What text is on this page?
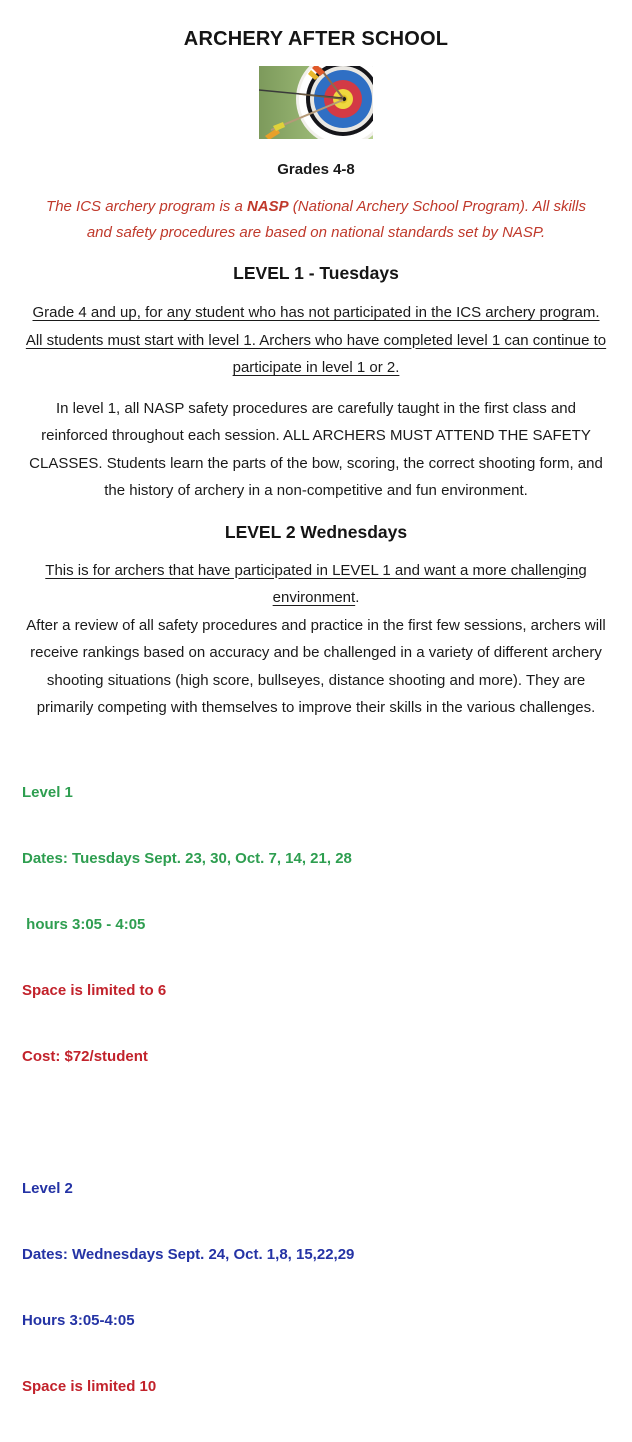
ARCHERY AFTER SCHOOL
Grades 4-8
The ICS archery program is a NASP (National Archery School Program). All skills and safety procedures are based on national standards set by NASP.
LEVEL 1 - Tuesdays
Grade 4 and up, for any student who has not participated in the ICS archery program. All students must start with level 1. Archers who have completed level 1 can continue to participate in level 1 or 2.
In level 1, all NASP safety procedures are carefully taught in the first class and reinforced throughout each session. ALL ARCHERS MUST ATTEND THE SAFETY CLASSES. Students learn the parts of the bow, scoring, the correct shooting form, and the history of archery in a non-competitive and fun environment.
LEVEL 2 Wednesdays
This is for archers that have participated in LEVEL 1 and want a more challenging environment.
After a review of all safety procedures and practice in the first few sessions, archers will receive rankings based on accuracy and be challenged in a variety of different archery shooting situations (high score, bullseyes, distance shooting and more). They are primarily competing with themselves to improve their skills in the various challenges.

Level 1

Dates: Tuesdays Sept. 23, 30, Oct. 7, 14, 21, 28

hours 3:05 - 4:05

Space is limited to 6

Cost: $72/student

Level 2

Dates: Wednesdays Sept. 24, Oct. 1,8, 15,22,29

Hours 3:05-4:05

Space is limited 10
